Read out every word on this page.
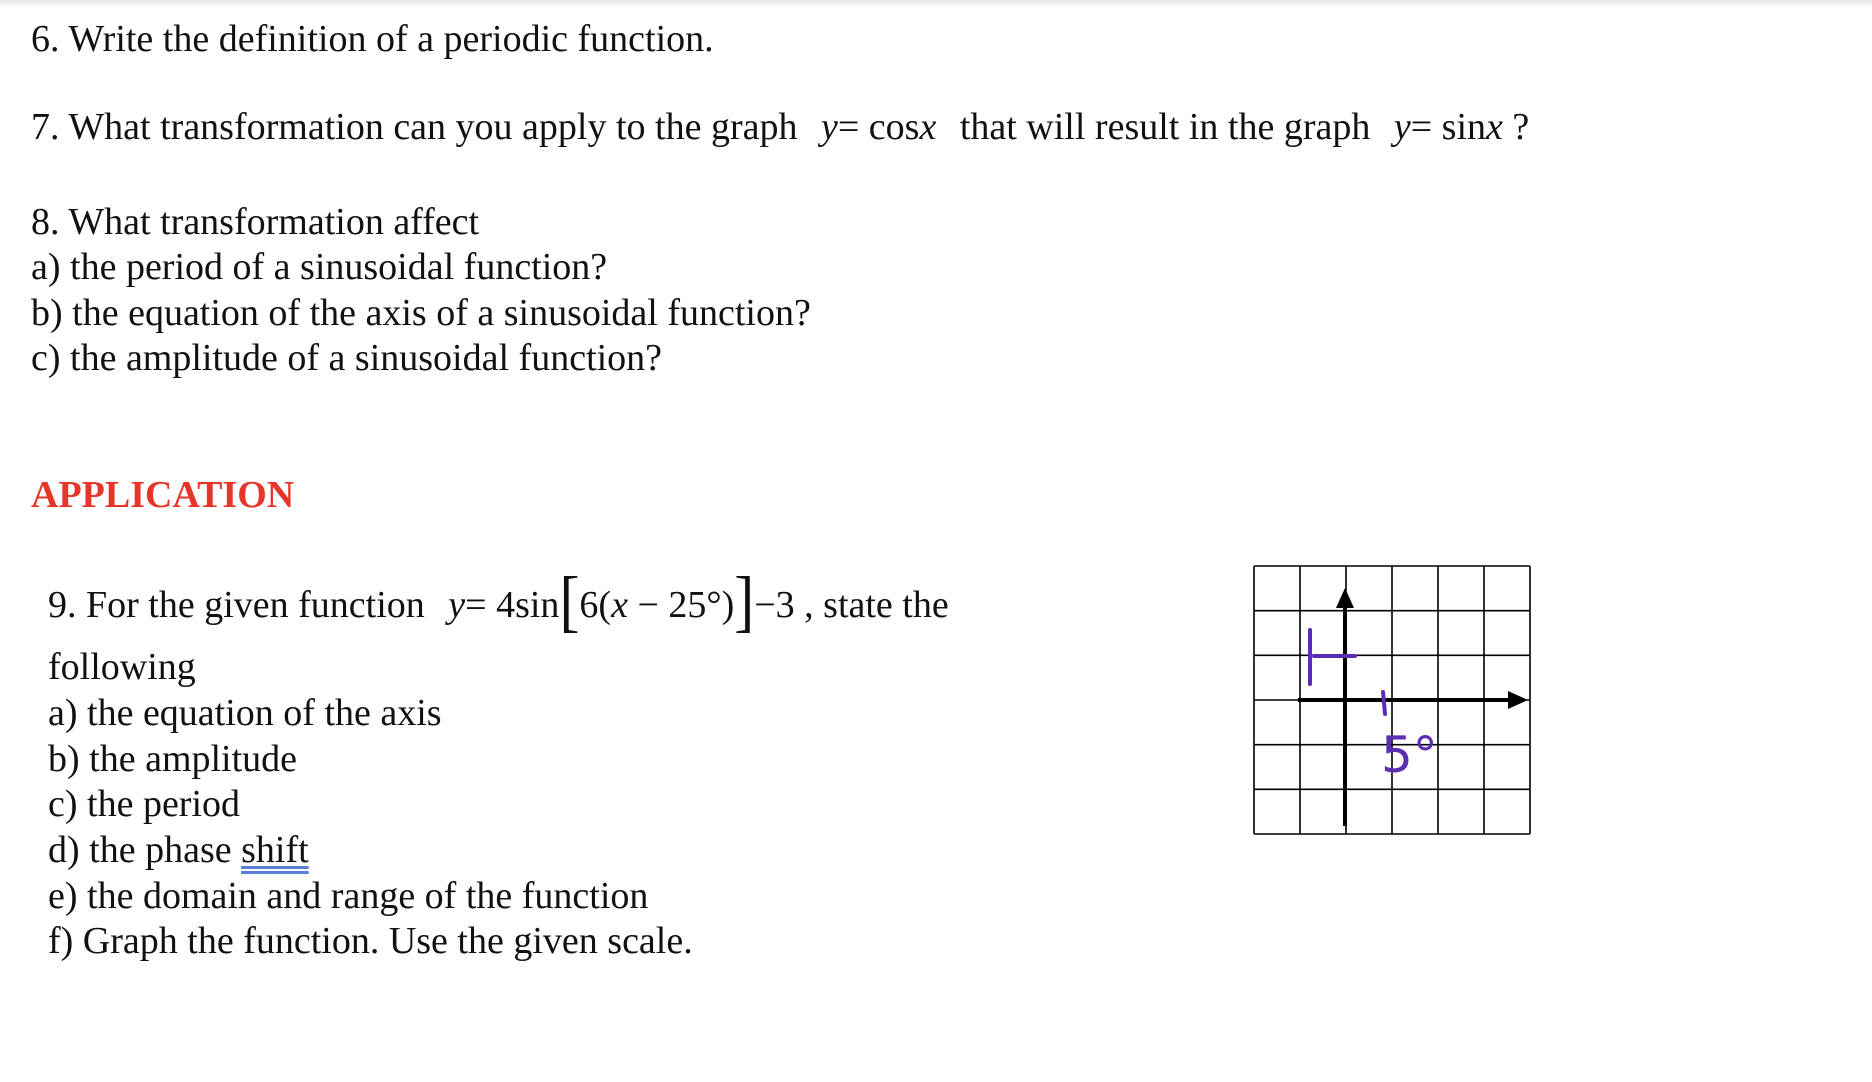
6. Write the definition of a periodic function.
7. What transformation can you apply to the graph y= cosx that will result in the graph y= sinx ?
8. What transformation affect
a) the period of a sinusoidal function?
b) the equation of the axis of a sinusoidal function?
c) the amplitude of a sinusoidal function?
APPLICATION
9. For the given function y= 4sin[6(x − 25°)]−3 , state the
following
a) the equation of the axis
b) the amplitude
c) the period
d) the phase shift
e) the domain and range of the function
f) Graph the function. Use the given scale.
5°
